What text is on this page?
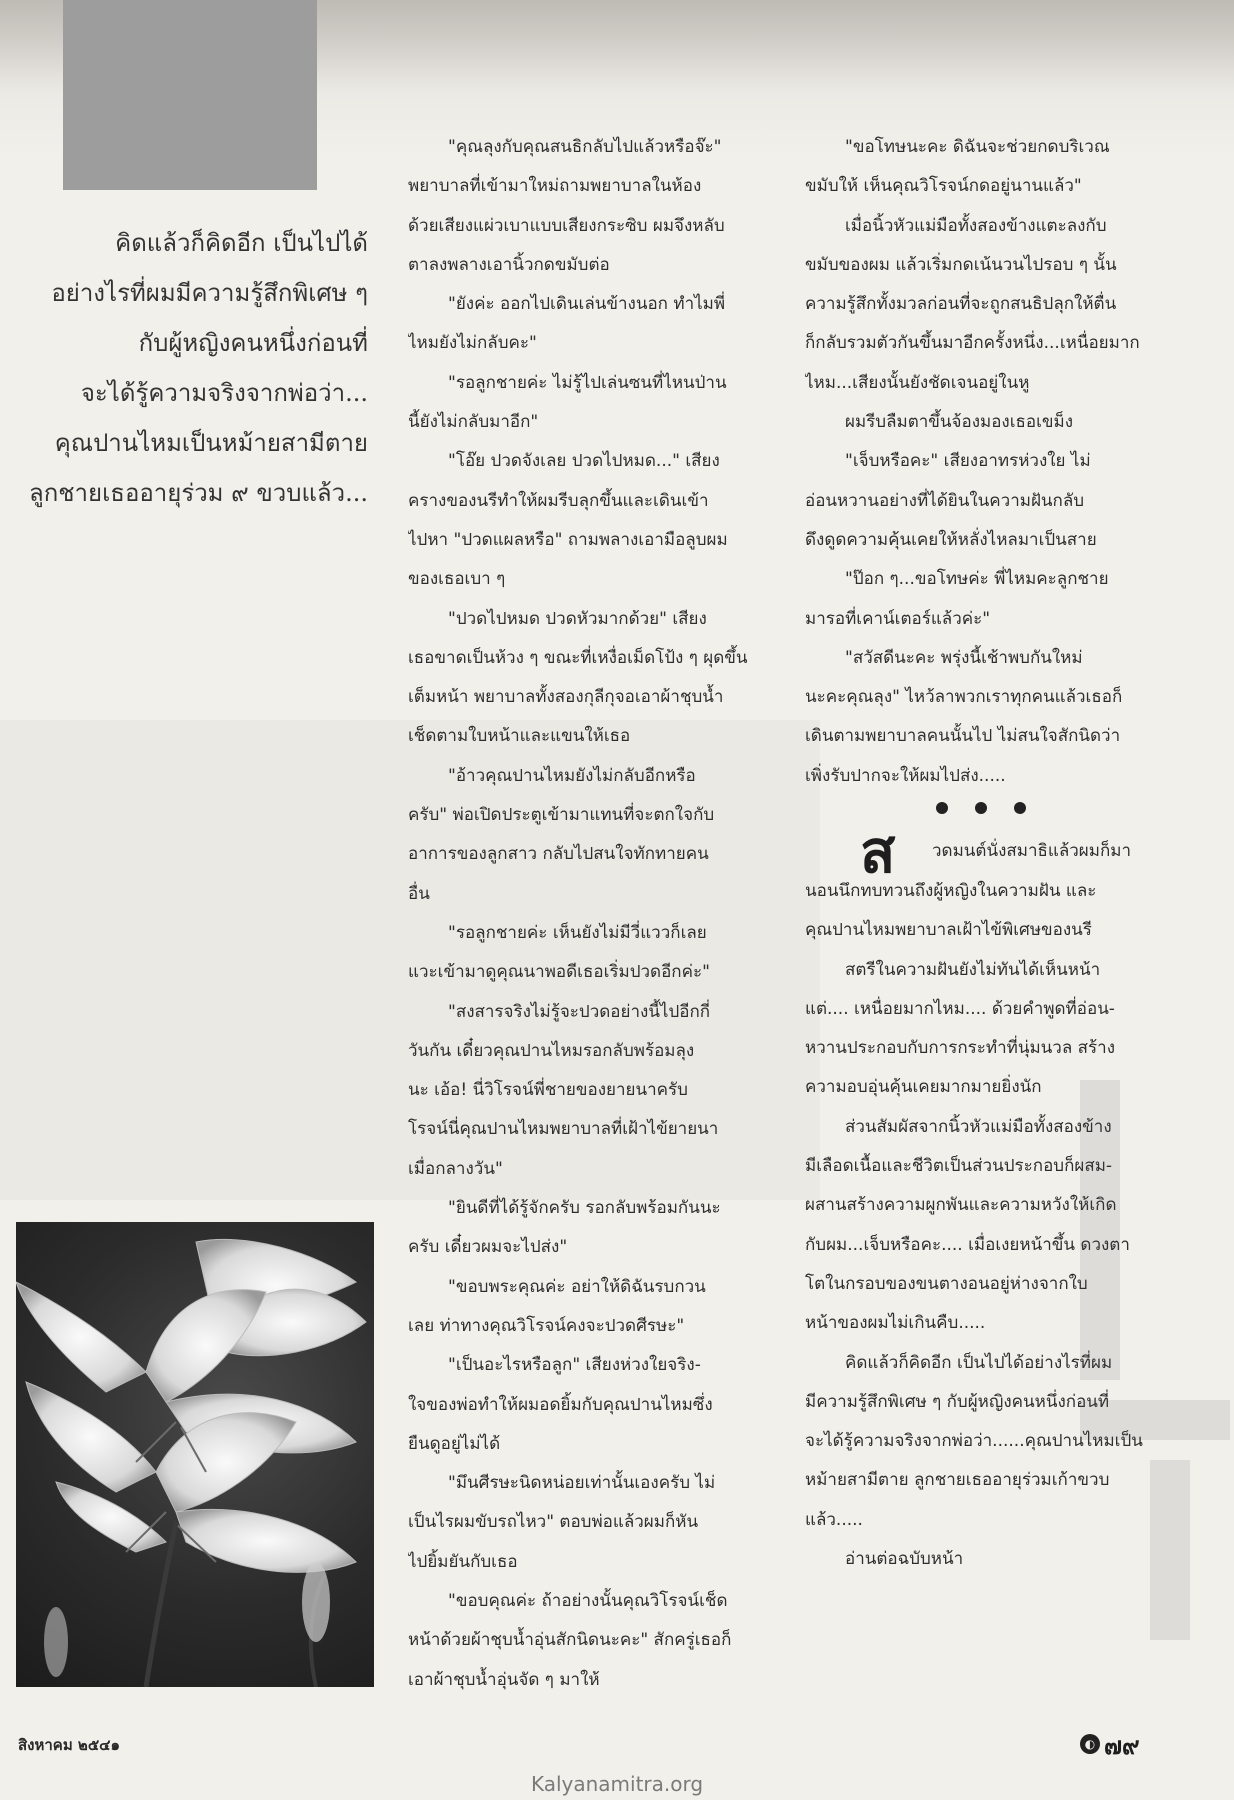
คิดแล้วก็คิดอีก เป็นไปได้
อย่างไรที่ผมมีความรู้สึกพิเศษ ๆ
กับผู้หญิงคนหนึ่งก่อนที่
จะได้รู้ความจริงจากพ่อว่า...
คุณปานไหมเป็นหม้ายสามีตาย
ลูกชายเธออายุร่วม ๙ ขวบแล้ว...
"คุณลุงกับคุณสนธิกลับไปแล้วหรือจ๊ะ"
พยาบาลที่เข้ามาใหม่ถามพยาบาลในห้อง
ด้วยเสียงแผ่วเบาแบบเสียงกระซิบ ผมจึงหลับ
ตาลงพลางเอานิ้วกดขมับต่อ
"ยังค่ะ ออกไปเดินเล่นข้างนอก ทำไมพี่
ไหมยังไม่กลับคะ"
"รอลูกชายค่ะ ไม่รู้ไปเล่นซนที่ไหนป่าน
นี้ยังไม่กลับมาอีก"
"โอ๊ย ปวดจังเลย ปวดไปหมด..." เสียง
ครางของนรีทำให้ผมรีบลุกขึ้นและเดินเข้า
ไปหา "ปวดแผลหรือ" ถามพลางเอามือลูบผม
ของเธอเบา ๆ
"ปวดไปหมด ปวดหัวมากด้วย" เสียง
เธอขาดเป็นห้วง ๆ ขณะที่เหงื่อเม็ดโป้ง ๆ ผุดขึ้น
เต็มหน้า พยาบาลทั้งสองกุลีกุจอเอาผ้าชุบน้ำ
เช็ดตามใบหน้าและแขนให้เธอ
"อ้าวคุณปานไหมยังไม่กลับอีกหรือ
ครับ" พ่อเปิดประตูเข้ามาแทนที่จะตกใจกับ
อาการของลูกสาว กลับไปสนใจทักทายคน
อื่น
"รอลูกชายค่ะ เห็นยังไม่มีวี่แววก็เลย
แวะเข้ามาดูคุณนาพอดีเธอเริ่มปวดอีกค่ะ"
"สงสารจริงไม่รู้จะปวดอย่างนี้ไปอีกกี่
วันกัน เดี๋ยวคุณปานไหมรอกลับพร้อมลุง
นะ เอ้อ! นี่วิโรจน์พี่ชายของยายนาครับ
โรจน์นี่คุณปานไหมพยาบาลที่เฝ้าไข้ยายนา
เมื่อกลางวัน"
"ยินดีที่ได้รู้จักครับ รอกลับพร้อมกันนะ
ครับ เดี๋ยวผมจะไปส่ง"
"ขอบพระคุณค่ะ อย่าให้ดิฉันรบกวน
เลย ท่าทางคุณวิโรจน์คงจะปวดศีรษะ"
"เป็นอะไรหรือลูก" เสียงห่วงใยจริง-
ใจของพ่อทำให้ผมอดยิ้มกับคุณปานไหมซึ่ง
ยืนดูอยู่ไม่ได้
"มึนศีรษะนิดหน่อยเท่านั้นเองครับ ไม่
เป็นไรผมขับรถไหว" ตอบพ่อแล้วผมก็หัน
ไปยิ้มยันกับเธอ
"ขอบคุณค่ะ ถ้าอย่างนั้นคุณวิโรจน์เช็ด
หน้าด้วยผ้าชุบน้ำอุ่นสักนิดนะคะ" สักครู่เธอก็
เอาผ้าชุบน้ำอุ่นจัด ๆ มาให้
"ขอโทษนะคะ ดิฉันจะช่วยกดบริเวณ
ขมับให้ เห็นคุณวิโรจน์กดอยู่นานแล้ว"
เมื่อนิ้วหัวแม่มือทั้งสองข้างแตะลงกับ
ขมับของผม แล้วเริ่มกดเน้นวนไปรอบ ๆ นั้น
ความรู้สึกทั้งมวลก่อนที่จะถูกสนธิปลุกให้ตื่น
ก็กลับรวมตัวกันขึ้นมาอีกครั้งหนึ่ง...เหนื่อยมาก
ไหม...เสียงนั้นยังชัดเจนอยู่ในหู
ผมรีบลืมตาขึ้นจ้องมองเธอเขม็ง
"เจ็บหรือคะ" เสียงอาทรห่วงใย ไม่
อ่อนหวานอย่างที่ได้ยินในความฝันกลับ
ดึงดูดความคุ้นเคยให้หลั่งไหลมาเป็นสาย
"ป๊อก ๆ...ขอโทษค่ะ พี่ไหมคะลูกชาย
มารอที่เคาน์เตอร์แล้วค่ะ"
"สวัสดีนะคะ พรุ่งนี้เช้าพบกันใหม่
นะคะคุณลุง" ไหว้ลาพวกเราทุกคนแล้วเธอก็
เดินตามพยาบาลคนนั้นไป ไม่สนใจสักนิดว่า
เพิ่งรับปากจะให้ผมไปส่ง.....
ส วดมนต์นั่งสมาธิแล้วผมก็มา
นอนนึกทบทวนถึงผู้หญิงในความฝัน และ
คุณปานไหมพยาบาลเฝ้าไข้พิเศษของนรี
สตรีในความฝันยังไม่ทันได้เห็นหน้า
แต่.... เหนื่อยมากไหม.... ด้วยคำพูดที่อ่อน-
หวานประกอบกับการกระทำที่นุ่มนวล สร้าง
ความอบอุ่นคุ้นเคยมากมายยิ่งนัก
ส่วนสัมผัสจากนิ้วหัวแม่มือทั้งสองข้าง
มีเลือดเนื้อและชีวิตเป็นส่วนประกอบก็ผสม-
ผสานสร้างความผูกพันและความหวังให้เกิด
กับผม...เจ็บหรือคะ.... เมื่อเงยหน้าขึ้น ดวงตา
โตในกรอบของขนตางอนอยู่ห่างจากใบ
หน้าของผมไม่เกินคืบ.....
คิดแล้วก็คิดอีก เป็นไปได้อย่างไรที่ผม
มีความรู้สึกพิเศษ ๆ กับผู้หญิงคนหนึ่งก่อนที่
จะได้รู้ความจริงจากพ่อว่า......คุณปานไหมเป็น
หม้ายสามีตาย ลูกชายเธออายุร่วมเก้าขวบ
แล้ว.....
อ่านต่อฉบับหน้า
สิงหาคม ๒๕๔๑	◐ ๗๙
Kalyanamitra.org
